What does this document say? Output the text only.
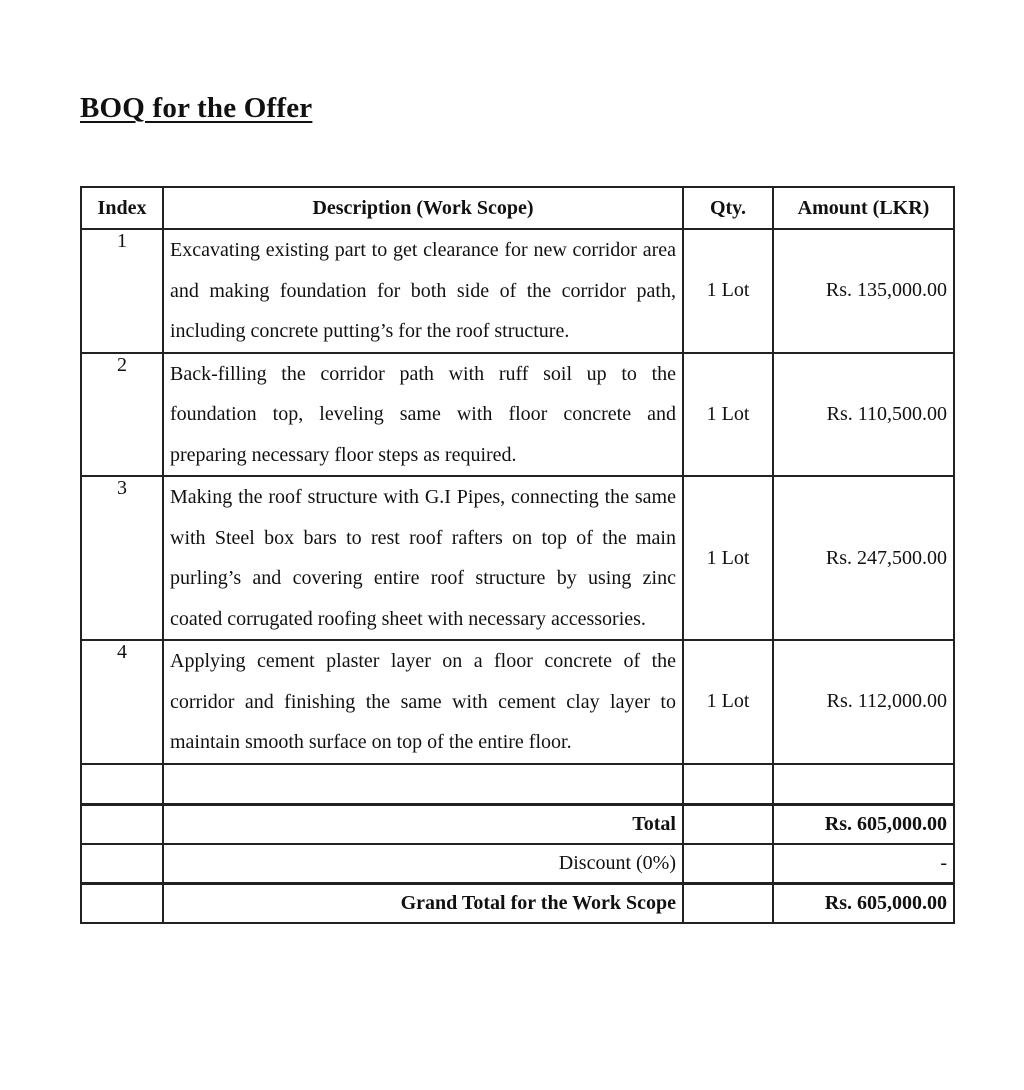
BOQ for the Offer
Index	Description (Work Scope)	Qty.	Amount (LKR)
1	Excavating existing part to get clearance for new corridor area and making foundation for both side of the corridor path, including concrete putting’s for the roof structure.	1 Lot	Rs. 135,000.00
2	Back-filling the corridor path with ruff soil up to the foundation top, leveling same with floor concrete and preparing necessary floor steps as required.	1 Lot	Rs. 110,500.00
3	Making the roof structure with G.I Pipes, connecting the same with Steel box bars to rest roof rafters on top of the main purling’s and covering entire roof structure by using zinc coated corrugated roofing sheet with necessary accessories.	1 Lot	Rs. 247,500.00
4	Applying cement plaster layer on a floor concrete of the corridor and finishing the same with cement clay layer to maintain smooth surface on top of the entire floor.	1 Lot	Rs. 112,000.00

	Total		Rs. 605,000.00
	Discount (0%)		-
	Grand Total for the Work Scope		Rs. 605,000.00
